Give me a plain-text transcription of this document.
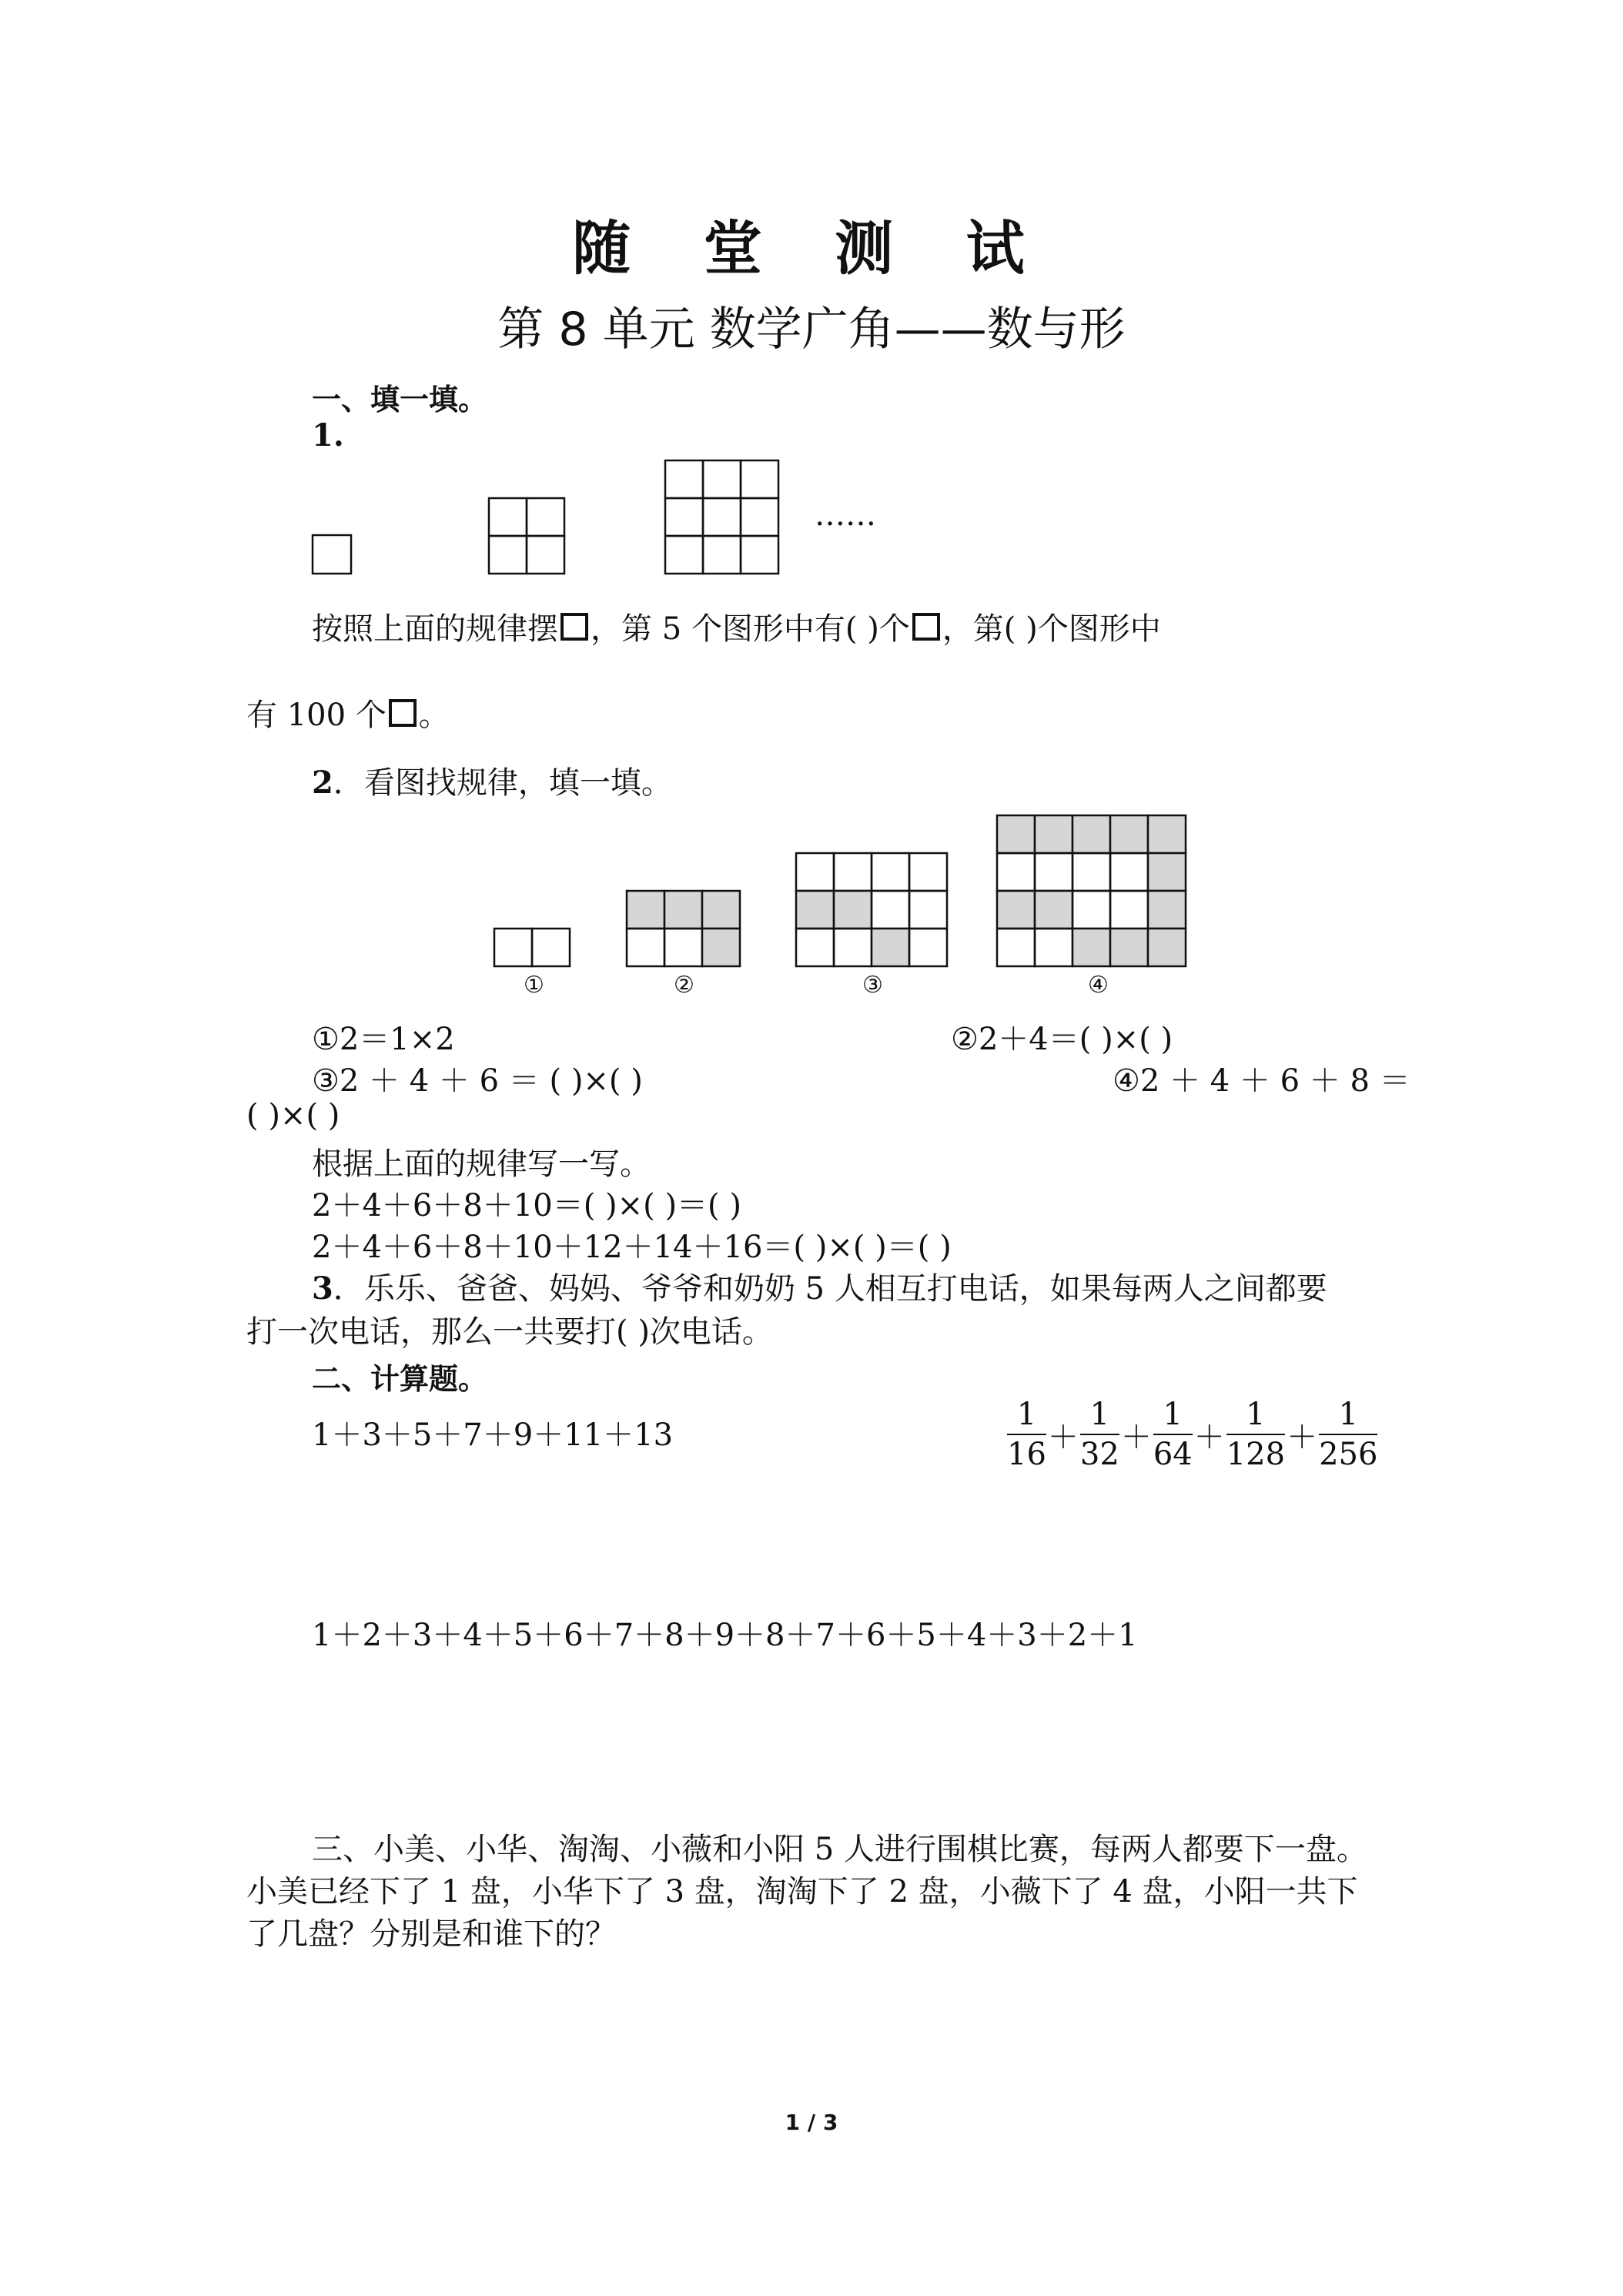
随 堂 测 试
第 8 单元 数学广角——数与形
一、填一填。
1.
……
按照上面的规律摆 ，第 5 个图形中有( )个 ，第( )个图形中
有 100 个 。
2．看图找规律，填一填。
①	②	③	④
①2＝1×2	②2＋4＝( )×( )
③2 ＋ 4 ＋ 6 ＝ ( )×( )	④2 ＋ 4 ＋ 6 ＋ 8 ＝
( )×( )
根据上面的规律写一写。
2＋4＋6＋8＋10＝( )×( )＝( )
2＋4＋6＋8＋10＋12＋14＋16＝( )×( )＝( )
3．乐乐、爸爸、妈妈、爷爷和奶奶 5 人相互打电话，如果每两人之间都要
打一次电话，那么一共要打( )次电话。
二、计算题。
1＋3＋5＋7＋9＋11＋13	$\frac{1}{16} + \frac{1}{32} + \frac{1}{64} + \frac{1}{128} + \frac{1}{256}$
1＋2＋3＋4＋5＋6＋7＋8＋9＋8＋7＋6＋5＋4＋3＋2＋1
三、小美、小华、淘淘、小薇和小阳 5 人进行围棋比赛，每两人都要下一盘。
小美已经下了 1 盘，小华下了 3 盘，淘淘下了 2 盘，小薇下了 4 盘，小阳一共下
了几盘？分别是和谁下的？
1 / 3
